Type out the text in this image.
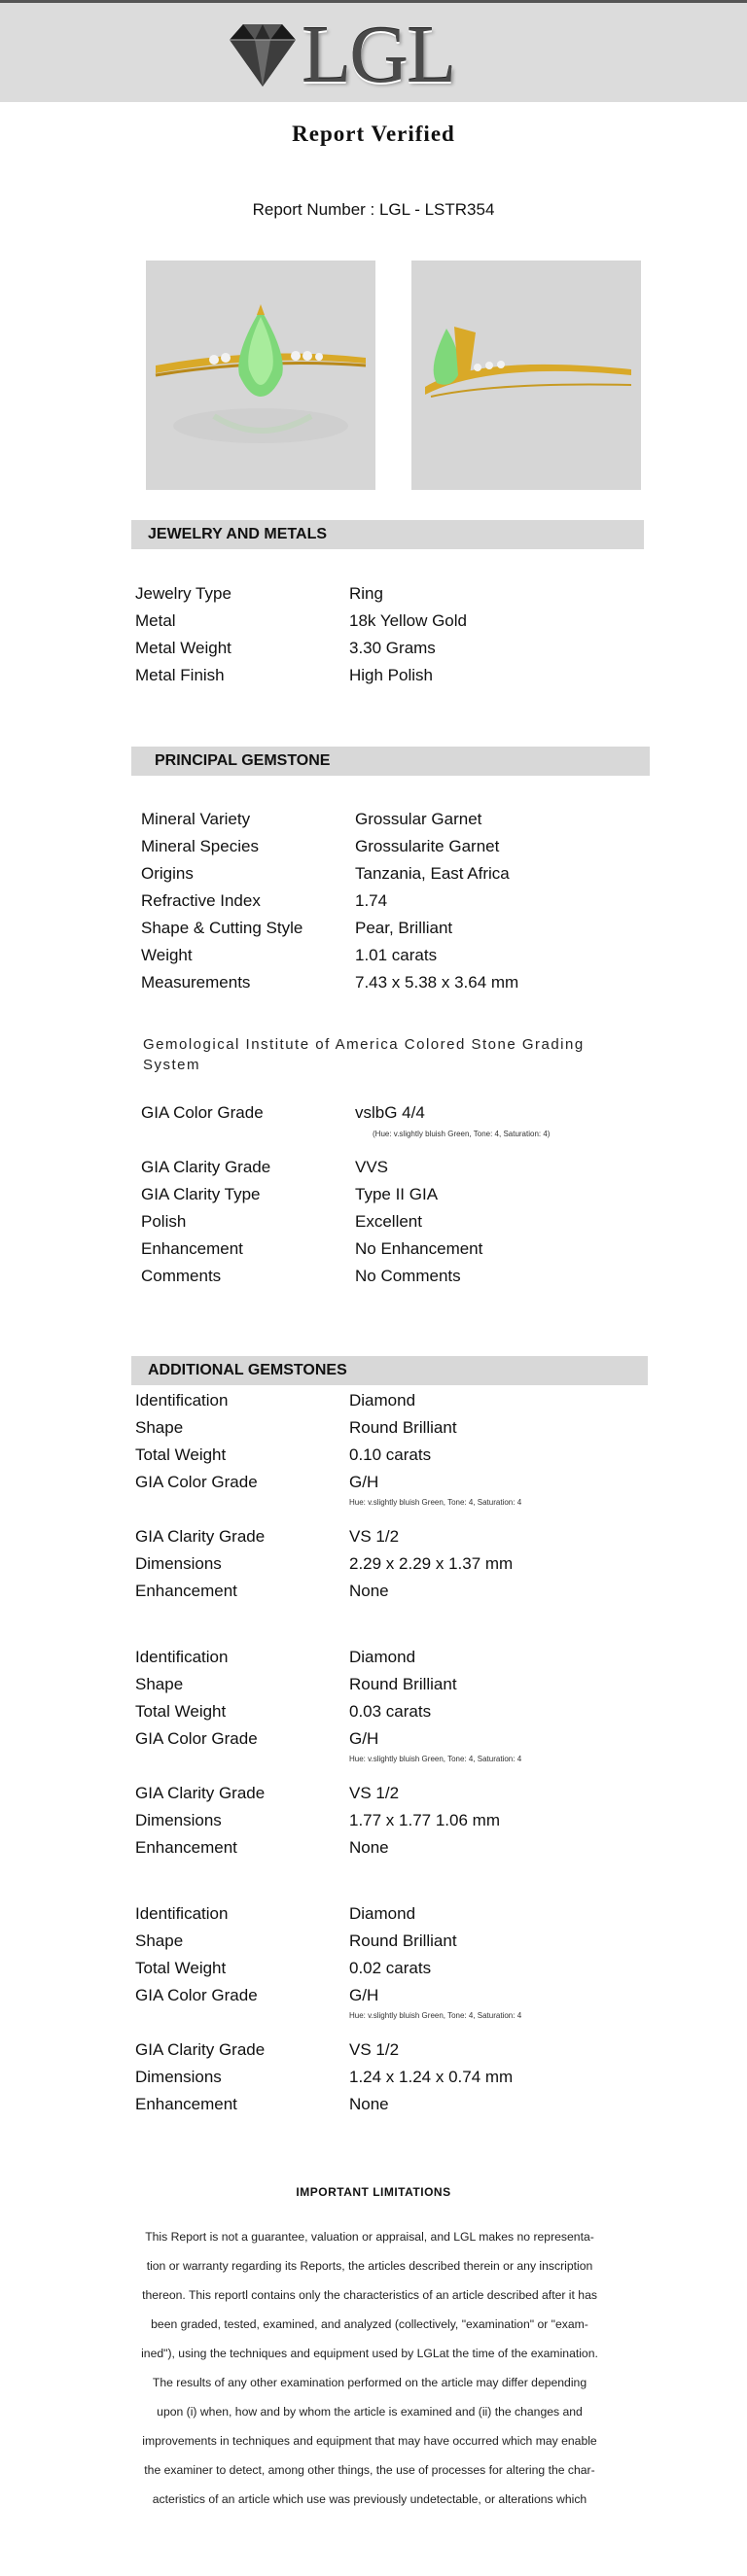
LGL
Report Verified
Report Number : LGL - LSTR354
JEWELRY AND METALS
Jewelry Type	Ring
Metal	18k Yellow Gold
Metal Weight	3.30 Grams
Metal Finish	High Polish
PRINCIPAL GEMSTONE
Mineral Variety	Grossular Garnet
Mineral Species	Grossularite Garnet
Origins	Tanzania, East Africa
Refractive Index	1.74
Shape & Cutting Style	Pear, Brilliant
Weight	1.01 carats
Measurements	7.43 x 5.38 x 3.64 mm
Gemological Institute of America Colored Stone Grading System
GIA Color Grade	vslbG 4/4
(Hue: v.slightly bluish Green, Tone: 4, Saturation: 4)
GIA Clarity Grade	VVS
GIA Clarity Type	Type II GIA
Polish	Excellent
Enhancement	No Enhancement
Comments	No Comments
ADDITIONAL GEMSTONES
Identification	Diamond
Shape	Round Brilliant
Total Weight	0.10 carats
GIA Color Grade	G/H
Hue: v.slightly bluish Green, Tone: 4, Saturation: 4
GIA Clarity Grade	VS 1/2
Dimensions	2.29 x 2.29 x 1.37 mm
Enhancement	None
Identification	Diamond
Shape	Round Brilliant
Total Weight	0.03 carats
GIA Color Grade	G/H
Hue: v.slightly bluish Green, Tone: 4, Saturation: 4
GIA Clarity Grade	VS 1/2
Dimensions	1.77 x 1.77 1.06 mm
Enhancement	None
Identification	Diamond
Shape	Round Brilliant
Total Weight	0.02 carats
GIA Color Grade	G/H
Hue: v.slightly bluish Green, Tone: 4, Saturation: 4
GIA Clarity Grade	VS 1/2
Dimensions	1.24 x 1.24 x 0.74 mm
Enhancement	None
IMPORTANT LIMITATIONS
This Report is not a guarantee, valuation or appraisal, and LGL makes no representa-
tion or warranty regarding its Reports, the articles described therein or any inscription
thereon. This reportl contains only the characteristics of an article described after it has
been graded, tested, examined, and analyzed (collectively, "examination" or "exam-
ined"), using the techniques and equipment used by LGLat the time of the examination.
The results of any other examination performed on the article may differ depending
upon (i) when, how and by whom the article is examined and (ii) the changes and
improvements in techniques and equipment that may have occurred which may enable
the examiner to detect, among other things, the use of processes for altering the char-
acteristics of an article which use was previously undetectable, or alterations which
